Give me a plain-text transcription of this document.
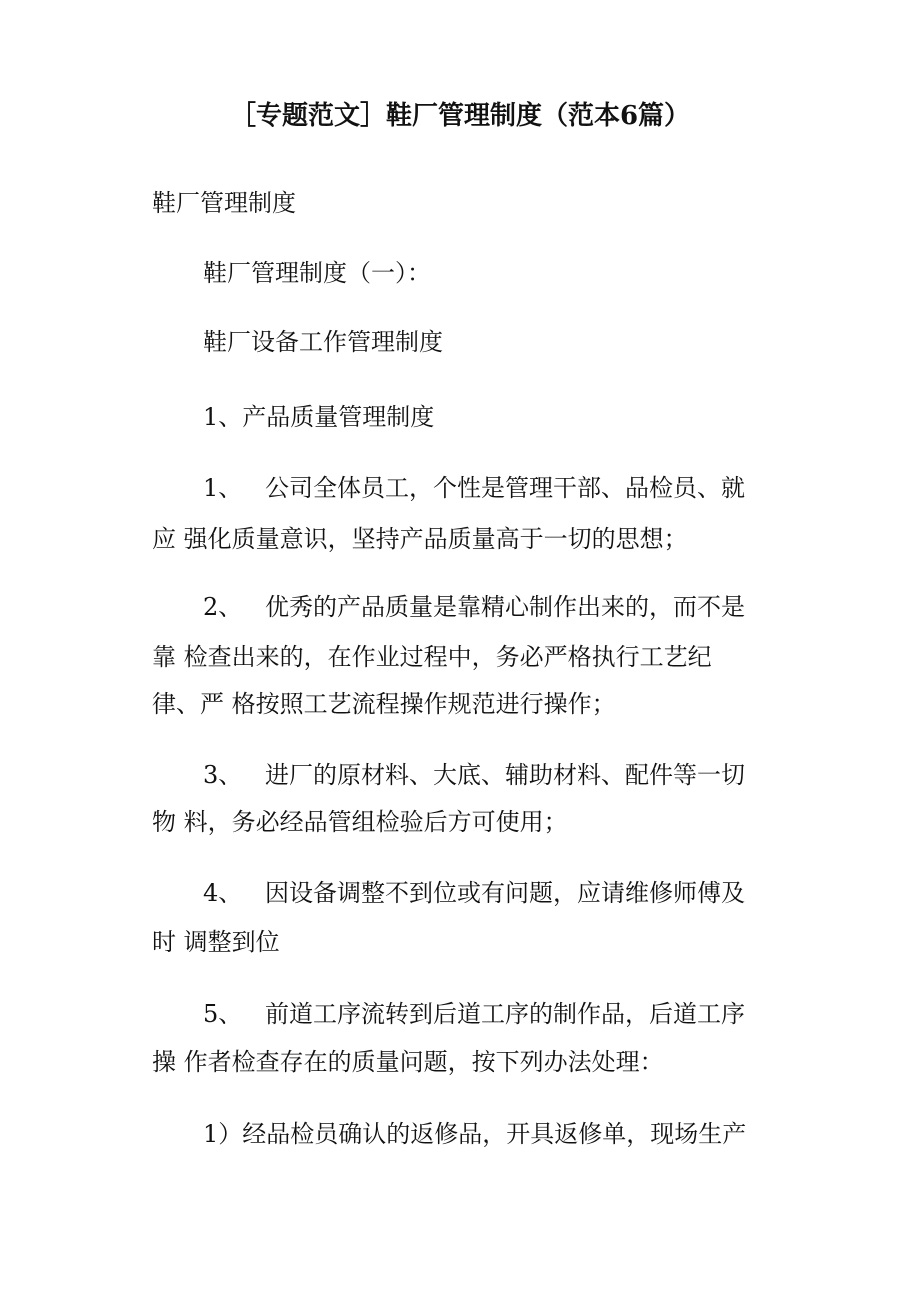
［专题范文］鞋厂管理制度（范本6篇）
鞋厂管理制度
鞋厂管理制度（一）：
鞋厂设备工作管理制度
1、产品质量管理制度
1、 公司全体员工，个性是管理干部、品检员、就
应 强化质量意识，坚持产品质量高于一切的思想；
2、 优秀的产品质量是靠精心制作出来的，而不是
靠 检查出来的，在作业过程中，务必严格执行工艺纪
律、严 格按照工艺流程操作规范进行操作；
3、 进厂的原材料、大底、辅助材料、配件等一切
物 料，务必经品管组检验后方可使用；
4、 因设备调整不到位或有问题，应请维修师傅及
时 调整到位
5、 前道工序流转到后道工序的制作品，后道工序
操 作者检查存在的质量问题，按下列办法处理：
1）经品检员确认的返修品，开具返修单，现场生产
